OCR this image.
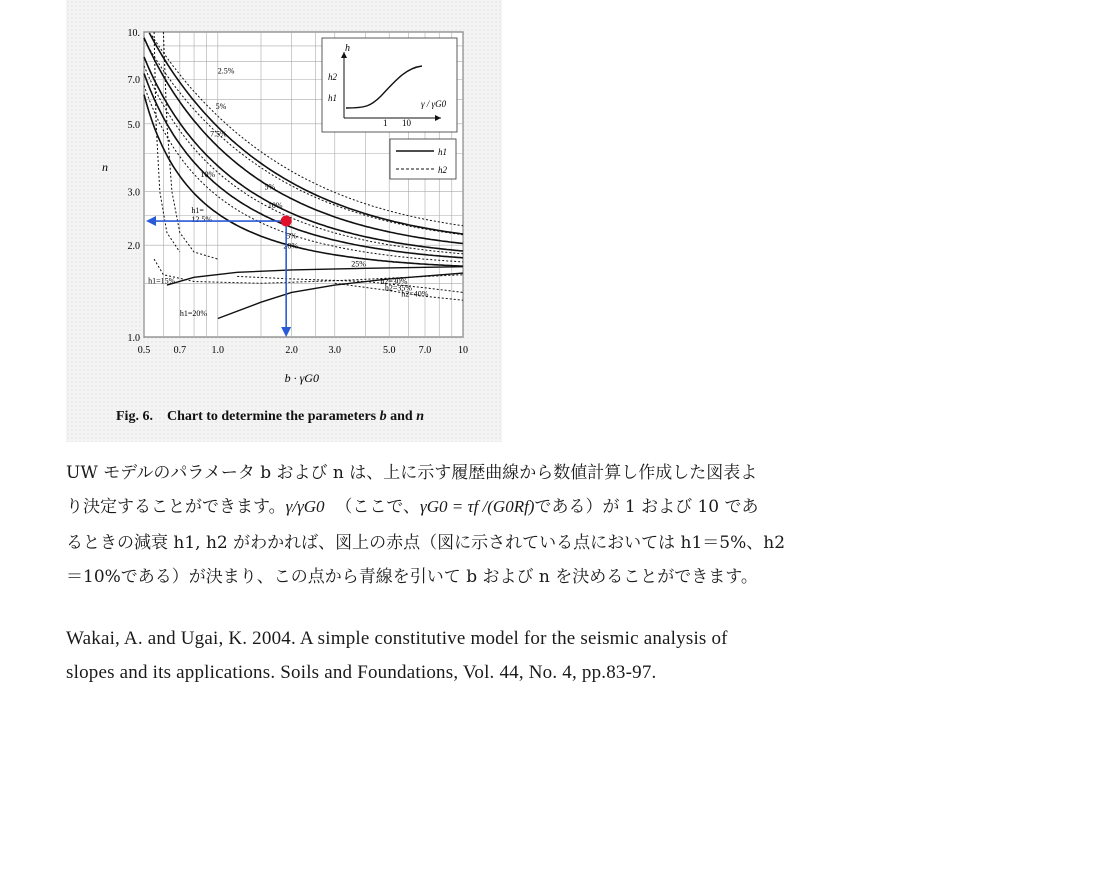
0.5 0.7	1.0	2.0	3.0	5.0 7.0	10
1.0
2.0
3.0
5.0
7.0
10.
b · γG0
n
2.5%
5%
7.5%
10%
5%
10%
h1=
12.5%
5%
20%
25%
h1=15%
h1=20%
h2=30%
h2=35%
h2=40%
h
h2
h1
1 10
γ / γG0
h1
h2
Fig. 6. Chart to determine the parameters b and n
UW モデルのパラメータ b および n は、上に示す履歴曲線から数値計算し作成した図表よ
り決定することができます。γ/γG0 （ここで、γG0 = τf /(G0Rf)である）が 1 および 10 であ
るときの減衰 h1, h2 がわかれば、図上の赤点（図に示されている点においては h1＝5%、h2
＝10%である）が決まり、この点から青線を引いて b および n を決めることができます。
Wakai, A. and Ugai, K. 2004. A simple constitutive model for the seismic analysis of
slopes and its applications. Soils and Foundations, Vol. 44, No. 4, pp.83-97.
